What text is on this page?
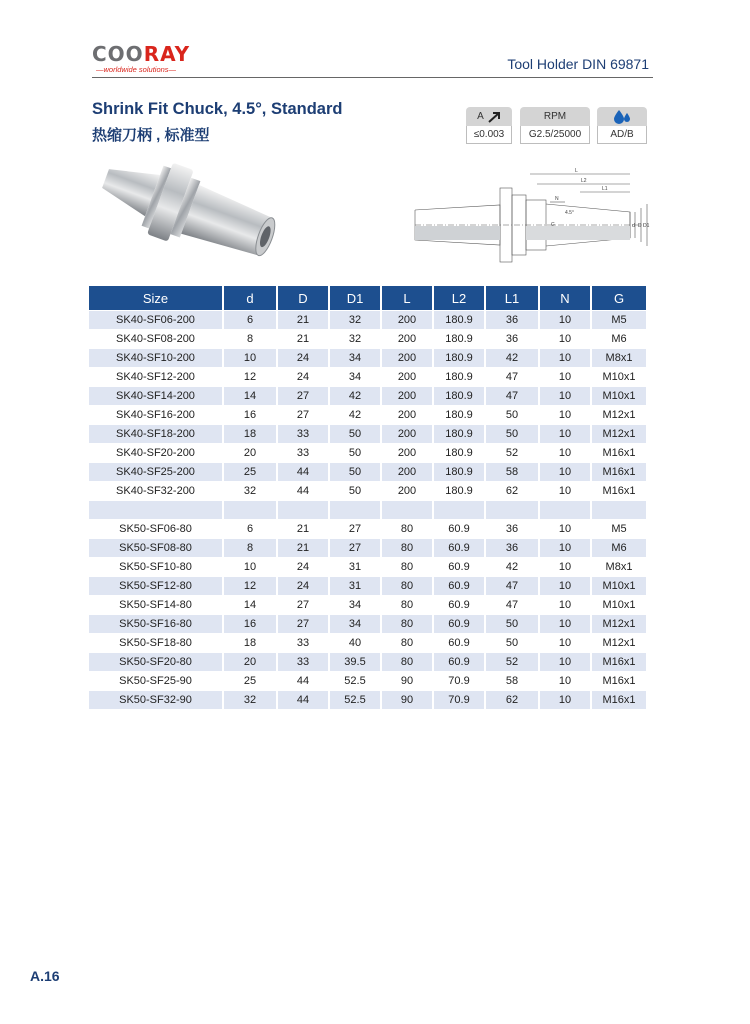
COORAY
—worldwide solutions—	Tool Holder DIN 69871
Shrink Fit Chuck, 4.5°, Standard
热缩刀柄 , 标准型
A
≤0.003
RPM
G2.5/25000	AD/B
L
L2
L1
N
G
4.5°
d D D1
Size	d	D	D1	L	L2	L1	N	G
SK40-SF06-200	6	21	32	200	180.9	36	10	M5
SK40-SF08-200	8	21	32	200	180.9	36	10	M6
SK40-SF10-200	10	24	34	200	180.9	42	10	M8x1
SK40-SF12-200	12	24	34	200	180.9	47	10	M10x1
SK40-SF14-200	14	27	42	200	180.9	47	10	M10x1
SK40-SF16-200	16	27	42	200	180.9	50	10	M12x1
SK40-SF18-200	18	33	50	200	180.9	50	10	M12x1
SK40-SF20-200	20	33	50	200	180.9	52	10	M16x1
SK40-SF25-200	25	44	50	200	180.9	58	10	M16x1
SK40-SF32-200	32	44	50	200	180.9	62	10	M16x1

SK50-SF06-80	6	21	27	80	60.9	36	10	M5
SK50-SF08-80	8	21	27	80	60.9	36	10	M6
SK50-SF10-80	10	24	31	80	60.9	42	10	M8x1
SK50-SF12-80	12	24	31	80	60.9	47	10	M10x1
SK50-SF14-80	14	27	34	80	60.9	47	10	M10x1
SK50-SF16-80	16	27	34	80	60.9	50	10	M12x1
SK50-SF18-80	18	33	40	80	60.9	50	10	M12x1
SK50-SF20-80	20	33	39.5	80	60.9	52	10	M16x1
SK50-SF25-90	25	44	52.5	90	70.9	58	10	M16x1
SK50-SF32-90	32	44	52.5	90	70.9	62	10	M16x1
A.16
